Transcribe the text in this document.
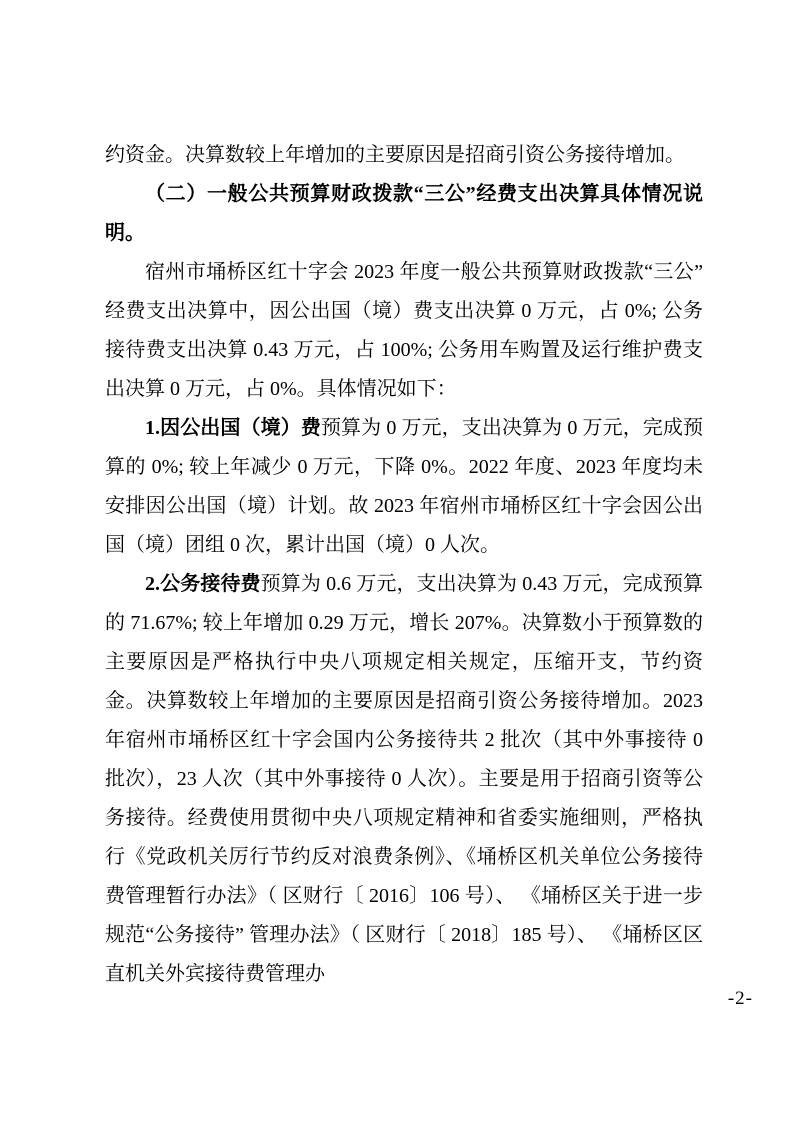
约资金。决算数较上年增加的主要原因是招商引资公务接待增加。

（二）一般公共预算财政拨款“三公”经费支出决算具体情况说明。

宿州市埇桥区红十字会 2023 年度一般公共预算财政拨款“三公” 经费支出决算中，因公出国（境）费支出决算 0 万元，占 0%; 公务接待费支出决算 0.43 万元，占 100%; 公务用车购置及运行维护费支出决算 0 万元，占 0%。具体情况如下：

1.因公出国（境）费预算为 0 万元，支出决算为 0 万元，完成预算的 0%; 较上年减少 0 万元，下降 0%。2022 年度、2023 年度均未安排因公出国（境）计划。故 2023 年宿州市埇桥区红十字会因公出国（境）团组 0 次，累计出国（境）0 人次。

2.公务接待费预算为 0.6 万元，支出决算为 0.43 万元，完成预算的 71.67%; 较上年增加 0.29 万元，增长 207%。决算数小于预算数的主要原因是严格执行中央八项规定相关规定，压缩开支，节约资金。决算数较上年增加的主要原因是招商引资公务接待增加。2023 年宿州市埇桥区红十字会国内公务接待共 2 批次（其中外事接待 0 批次），23 人次（其中外事接待 0 人次）。主要是用于招商引资等公务接待。经费使用贯彻中央八项规定精神和省委实施细则，严格执行《党政机关厉行节约反对浪费条例》、《埇桥区机关单位公务接待费管理暂行办法》（ 区财行〔 2016〕106 号）、 《埇桥区关于进一步规范“公务接待” 管理办法》（ 区财行〔 2018〕185 号）、 《埇桥区区直机关外宾接待费管理办

-2-
